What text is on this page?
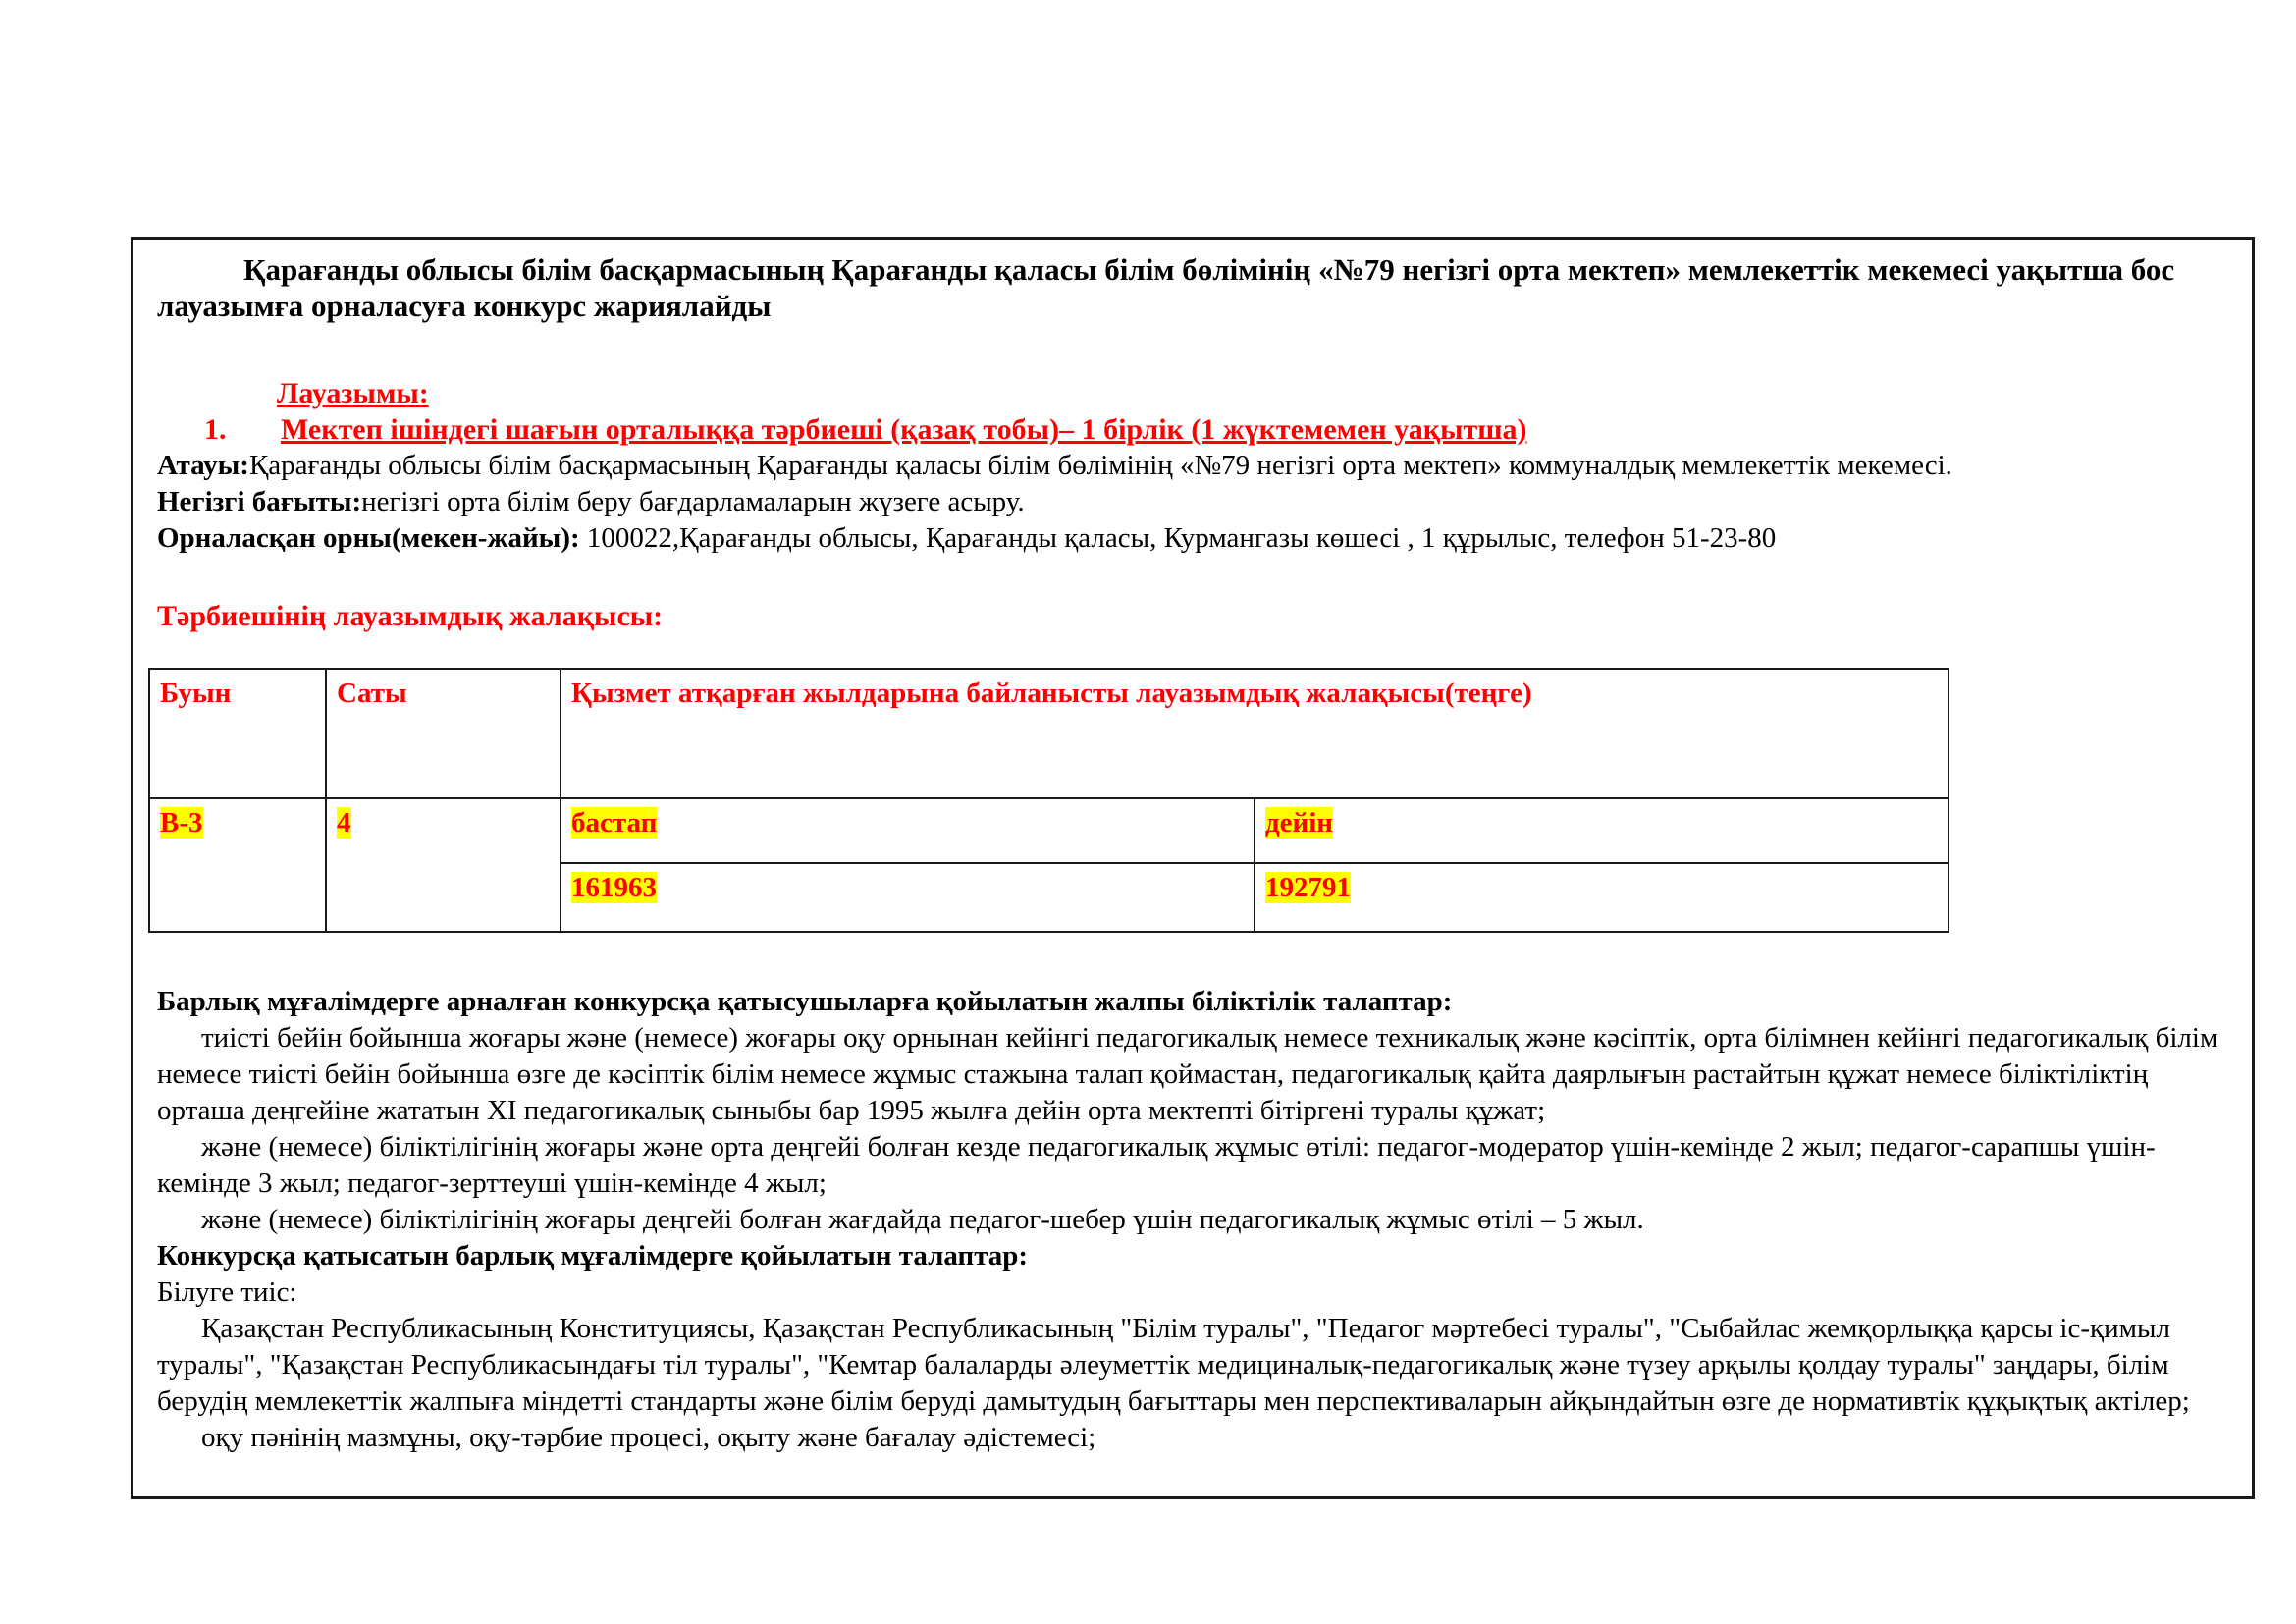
Қарағанды облысы білім басқармасының Қарағанды қаласы білім бөлімінің «№79 негізгі орта мектеп» мемлекеттік мекемесі уақытша бос лауазымға орналасуға конкурс жариялайды

Лауазымы:

1. Мектеп ішіндегі шағын орталыққа тәрбиеші (қазақ тобы)– 1 бірлік (1 жүктемемен уақытша)

Атауы:Қарағанды облысы білім басқармасының Қарағанды қаласы білім бөлімінің «№79 негізгі орта мектеп» коммуналдық мемлекеттік мекемесі.

Негізгі бағыты:негізгі орта білім беру бағдарламаларын жүзеге асыру.

Орналасқан орны(мекен-жайы): 100022,Қарағанды облысы, Қарағанды қаласы, Курмангазы көшесі , 1 құрылыс, телефон 51-23-80

Тәрбиешінің лауазымдық жалақысы:

Буын	Саты	Қызмет атқарған жылдарына байланысты лауазымдық жалақысы(теңге)	
В-3	4	бастап	дейін
		161963	192791

Барлық мұғалімдерге арналған конкурсқа қатысушыларға қойылатын жалпы біліктілік талаптар:

тиісті бейін бойынша жоғары және (немесе) жоғары оқу орнынан кейінгі педагогикалық немесе техникалық және кәсіптік, орта білімнен кейінгі педагогикалық білім немесе тиісті бейін бойынша өзге де кәсіптік білім немесе жұмыс стажына талап қоймастан, педагогикалық қайта даярлығын растайтын құжат немесе біліктіліктің орташа деңгейіне жататын XI педагогикалық сыныбы бар 1995 жылға дейін орта мектепті бітіргені туралы құжат;

және (немесе) біліктілігінің жоғары және орта деңгейі болған кезде педагогикалық жұмыс өтілі: педагог-модератор үшін-кемінде 2 жыл; педагог-сарапшы үшін-кемінде 3 жыл; педагог-зерттеуші үшін-кемінде 4 жыл;

және (немесе) біліктілігінің жоғары деңгейі болған жағдайда педагог-шебер үшін педагогикалық жұмыс өтілі – 5 жыл.

Конкурсқа қатысатын барлық мұғалімдерге қойылатын талаптар:

Білуге тиіс:

Қазақстан Республикасының Конституциясы, Қазақстан Республикасының "Білім туралы", "Педагог мәртебесі туралы", "Сыбайлас жемқорлыққа қарсы іс-қимыл туралы", "Қазақстан Республикасындағы тіл туралы", "Кемтар балаларды әлеуметтік медициналық-педагогикалық және түзеу арқылы қолдау туралы" заңдары, білім берудің мемлекеттік жалпыға міндетті стандарты және білім беруді дамытудың бағыттары мен перспективаларын айқындайтын өзге де нормативтік құқықтық актілер;

оқу пәнінің мазмұны, оқу-тәрбие процесі, оқыту және бағалау әдістемесі;
